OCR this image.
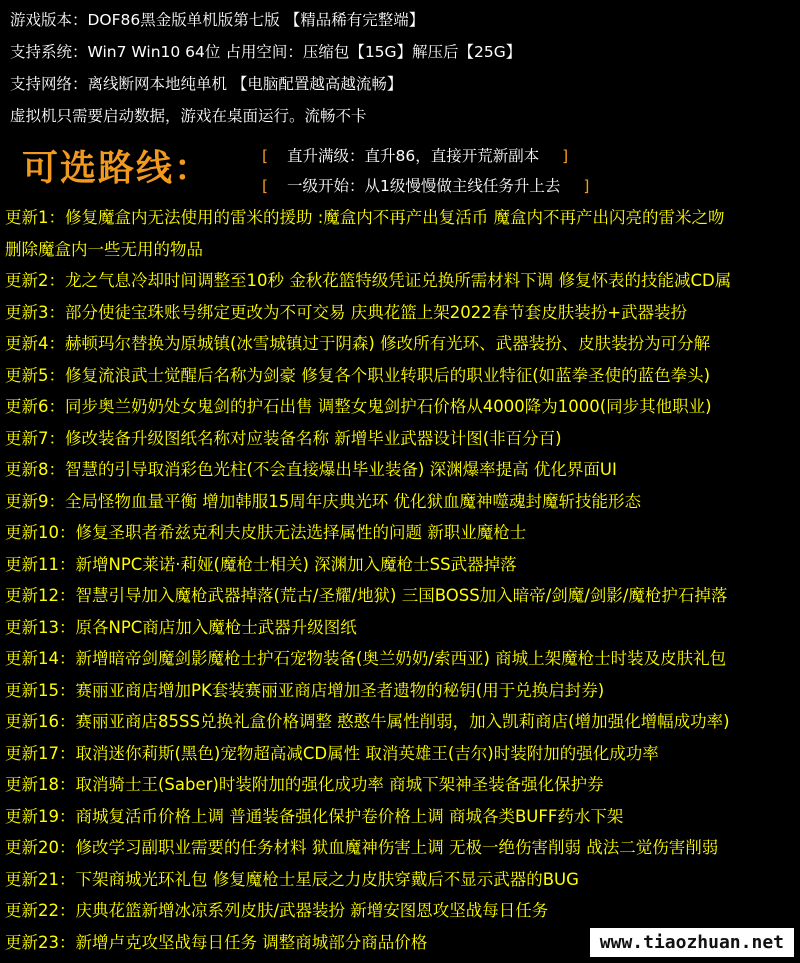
游戏版本：DOF86黑金版单机版第七版 【精品稀有完整端】
支持系统：Win7 Win10 64位 占用空间：压缩包【15G】解压后【25G】
支持网络：离线断网本地纯单机 【电脑配置越高越流畅】
虚拟机只需要启动数据，游戏在桌面运行。流畅不卡
可选路线：	[ 直升满级：直升86，直接开荒新副本 ]
[ 一级开始：从1级慢慢做主线任务升上去 ]
更新1：修复魔盒内无法使用的雷米的援助 :魔盒内不再产出复活币 魔盒内不再产出闪亮的雷米之吻
删除魔盒内一些无用的物品
更新2：龙之气息冷却时间调整至10秒 金秋花篮特级凭证兑换所需材料下调 修复怀表的技能减CD属
更新3：部分使徒宝珠账号绑定更改为不可交易 庆典花篮上架2022春节套皮肤装扮+武器装扮
更新4：赫顿玛尔替换为原城镇(冰雪城镇过于阴森) 修改所有光环、武器装扮、皮肤装扮为可分解
更新5：修复流浪武士觉醒后名称为剑豪 修复各个职业转职后的职业特征(如蓝拳圣使的蓝色拳头)
更新6：同步奥兰奶奶处女鬼剑的护石出售 调整女鬼剑护石价格从4000降为1000(同步其他职业)
更新7：修改装备升级图纸名称对应装备名称 新增毕业武器设计图(非百分百)
更新8：智慧的引导取消彩色光柱(不会直接爆出毕业装备) 深渊爆率提高 优化界面UI
更新9：全局怪物血量平衡 增加韩服15周年庆典光环 优化狱血魔神噬魂封魔斩技能形态
更新10：修复圣职者希兹克利夫皮肤无法选择属性的问题 新职业魔枪士
更新11：新增NPC莱诺·莉娅(魔枪士相关) 深渊加入魔枪士SS武器掉落
更新12：智慧引导加入魔枪武器掉落(荒古/圣耀/地狱) 三国BOSS加入暗帝/剑魔/剑影/魔枪护石掉落
更新13：原各NPC商店加入魔枪士武器升级图纸
更新14：新增暗帝剑魔剑影魔枪士护石宠物装备(奥兰奶奶/索西亚) 商城上架魔枪士时装及皮肤礼包
更新15：赛丽亚商店增加PK套装赛丽亚商店增加圣者遗物的秘钥(用于兑换启封券)
更新16：赛丽亚商店85SS兑换礼盒价格调整 憨憨牛属性削弱，加入凯莉商店(增加强化增幅成功率)
更新17：取消迷你莉斯(黑色)宠物超高减CD属性 取消英雄王(吉尔)时装附加的强化成功率
更新18：取消骑士王(Saber)时装附加的强化成功率 商城下架神圣装备强化保护券
更新19：商城复活币价格上调 普通装备强化保护卷价格上调 商城各类BUFF药水下架
更新20：修改学习副职业需要的任务材料 狱血魔神伤害上调 无极一绝伤害削弱 战法二觉伤害削弱
更新21：下架商城光环礼包 修复魔枪士星辰之力皮肤穿戴后不显示武器的BUG
更新22：庆典花篮新增冰凉系列皮肤/武器装扮 新增安图恩攻坚战每日任务
更新23：新增卢克攻坚战每日任务 调整商城部分商品价格	www.tiaozhuan.net
